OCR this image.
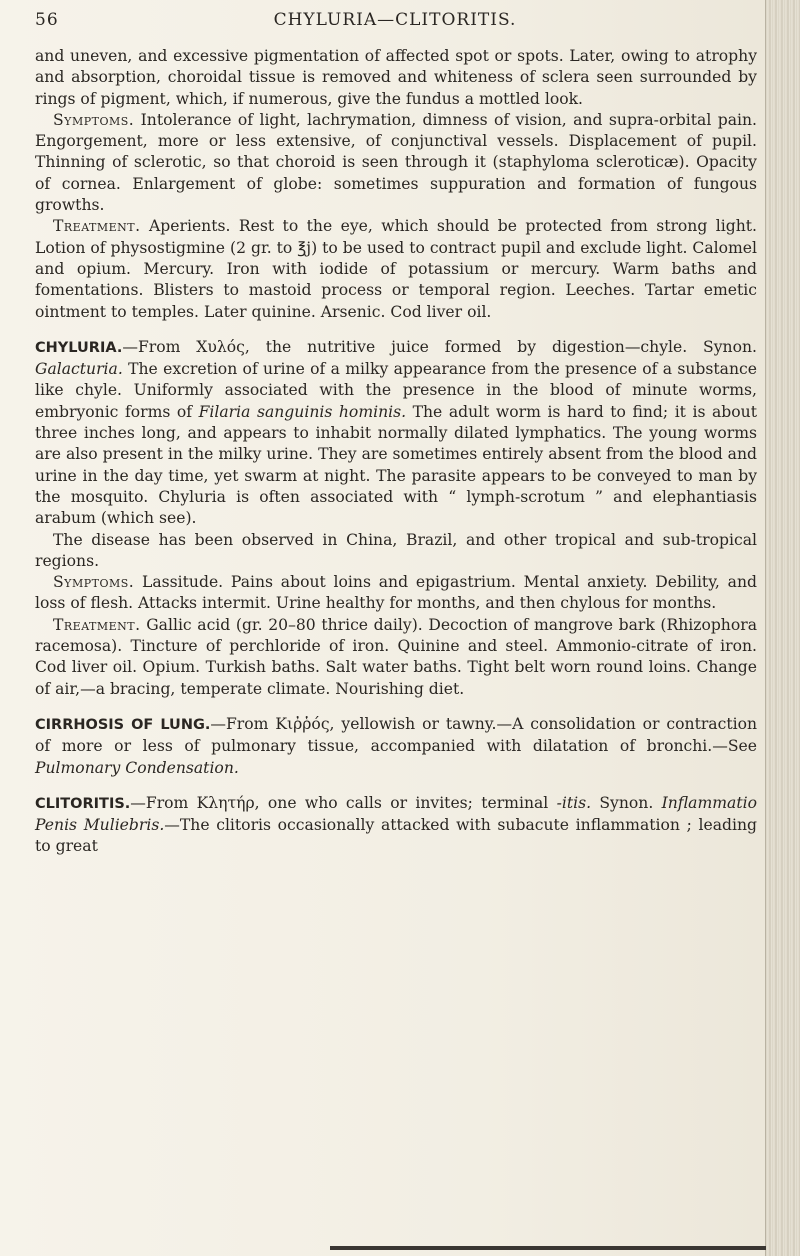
56	CHYLURIA—CLITORITIS.

and uneven, and excessive pigmentation of affected spot or spots. Later, owing to atrophy and absorption, choroidal tissue is removed and whiteness of sclera seen surrounded by rings of pigment, which, if numerous, give the fundus a mottled look.

Symptoms. Intolerance of light, lachrymation, dimness of vision, and supra-orbital pain. Engorgement, more or less extensive, of conjunctival vessels. Displacement of pupil. Thinning of sclerotic, so that choroid is seen through it (staphyloma scleroticæ). Opacity of cornea. Enlargement of globe: sometimes suppuration and formation of fungous growths.

Treatment. Aperients. Rest to the eye, which should be protected from strong light. Lotion of physostigmine (2 gr. to ℥j) to be used to contract pupil and exclude light. Calomel and opium. Mercury. Iron with iodide of potassium or mercury. Warm baths and fomentations. Blisters to mastoid process or temporal region. Leeches. Tartar emetic ointment to temples. Later quinine. Arsenic. Cod liver oil.

CHYLURIA.—From Χυλός, the nutritive juice formed by digestion—chyle. Synon. Galacturia. The excretion of urine of a milky appearance from the presence of a substance like chyle. Uniformly associated with the presence in the blood of minute worms, embryonic forms of Filaria sanguinis hominis. The adult worm is hard to find; it is about three inches long, and appears to inhabit normally dilated lymphatics. The young worms are also present in the milky urine. They are sometimes entirely absent from the blood and urine in the day time, yet swarm at night. The parasite appears to be conveyed to man by the mosquito. Chyluria is often associated with “ lymph-scrotum ” and elephantiasis arabum (which see).

The disease has been observed in China, Brazil, and other tropical and sub-tropical regions.

Symptoms. Lassitude. Pains about loins and epigastrium. Mental anxiety. Debility, and loss of flesh. Attacks intermit. Urine healthy for months, and then chylous for months.

Treatment. Gallic acid (gr. 20–80 thrice daily). Decoction of mangrove bark (Rhizophora racemosa). Tincture of perchloride of iron. Quinine and steel. Ammonio-citrate of iron. Cod liver oil. Opium. Turkish baths. Salt water baths. Tight belt worn round loins. Change of air,—a bracing, temperate climate. Nourishing diet.

CIRRHOSIS OF LUNG.—From Κιῤῥός, yellowish or tawny.—A consolidation or contraction of more or less of pulmonary tissue, accompanied with dilatation of bronchi.—See Pulmonary Condensation.

CLITORITIS.—From Κλητήρ, one who calls or invites; terminal -itis. Synon. Inflammatio Penis Muliebris.—The clitoris occasionally attacked with subacute inflammation ; leading to great
